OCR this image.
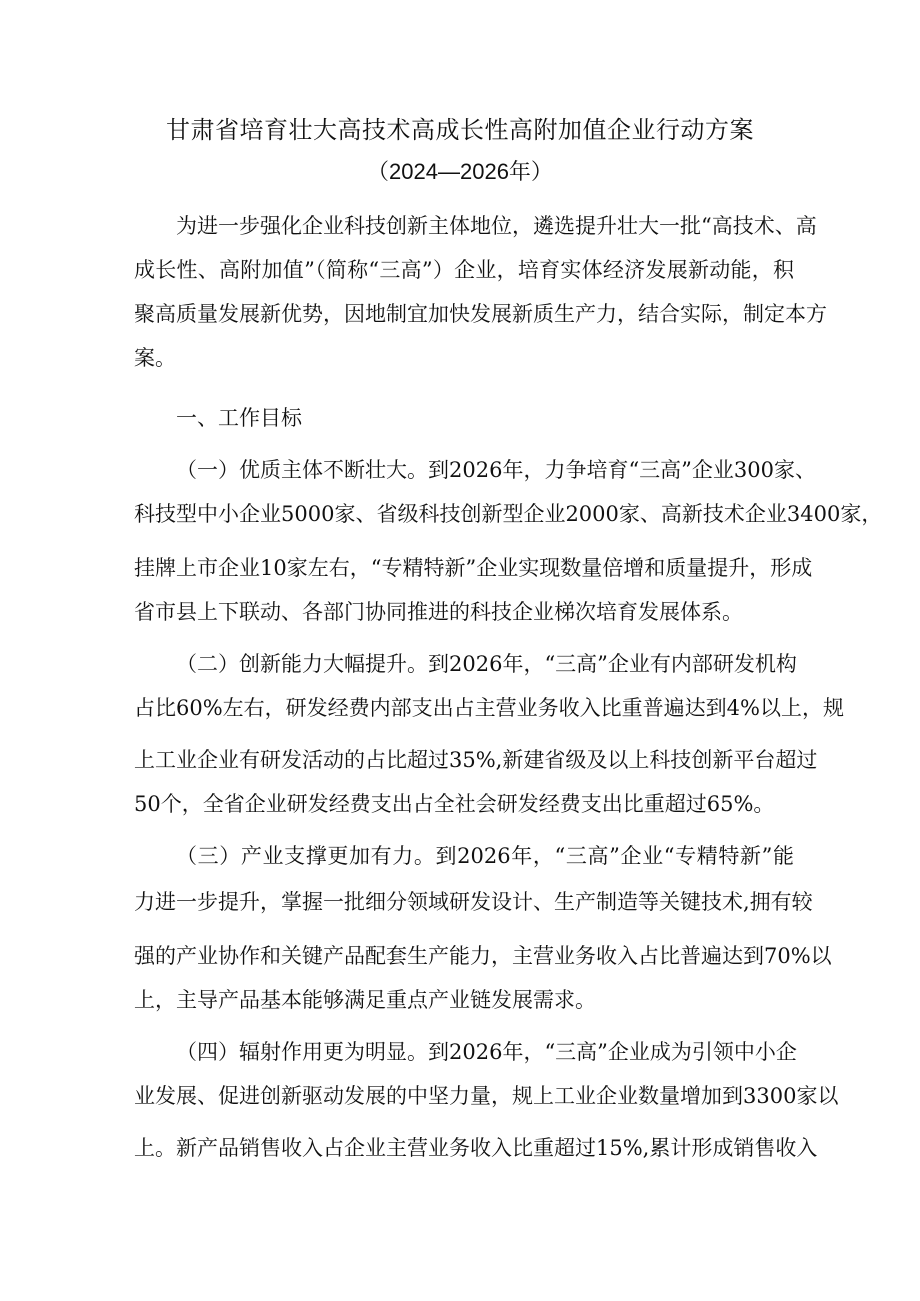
甘肃省培育壮大高技术高成长性高附加值企业行动方案
（2024—2026年）
为进一步强化企业科技创新主体地位，遴选提升壮大一批“高技术、高
成长性、高附加值”（简称“三高”）企业，培育实体经济发展新动能，积
聚高质量发展新优势，因地制宜加快发展新质生产力，结合实际，制定本方
案。
一、工作目标
（一）优质主体不断壮大。到2026年，力争培育“三高”企业300家、
科技型中小企业5000家、省级科技创新型企业2000家、高新技术企业3400家，
挂牌上市企业10家左右，“专精特新”企业实现数量倍增和质量提升，形成
省市县上下联动、各部门协同推进的科技企业梯次培育发展体系。
（二）创新能力大幅提升。到2026年，“三高”企业有内部研发机构
占比60%左右，研发经费内部支出占主营业务收入比重普遍达到4%以上，规
上工业企业有研发活动的占比超过35%,新建省级及以上科技创新平台超过
50个，全省企业研发经费支出占全社会研发经费支出比重超过65%。
（三）产业支撑更加有力。到2026年，“三高”企业“专精特新”能
力进一步提升，掌握一批细分领域研发设计、生产制造等关键技术,拥有较
强的产业协作和关键产品配套生产能力，主营业务收入占比普遍达到70%以
上，主导产品基本能够满足重点产业链发展需求。
（四）辐射作用更为明显。到2026年，“三高”企业成为引领中小企
业发展、促进创新驱动发展的中坚力量，规上工业企业数量增加到3300家以
上。新产品销售收入占企业主营业务收入比重超过15%,累计形成销售收入
